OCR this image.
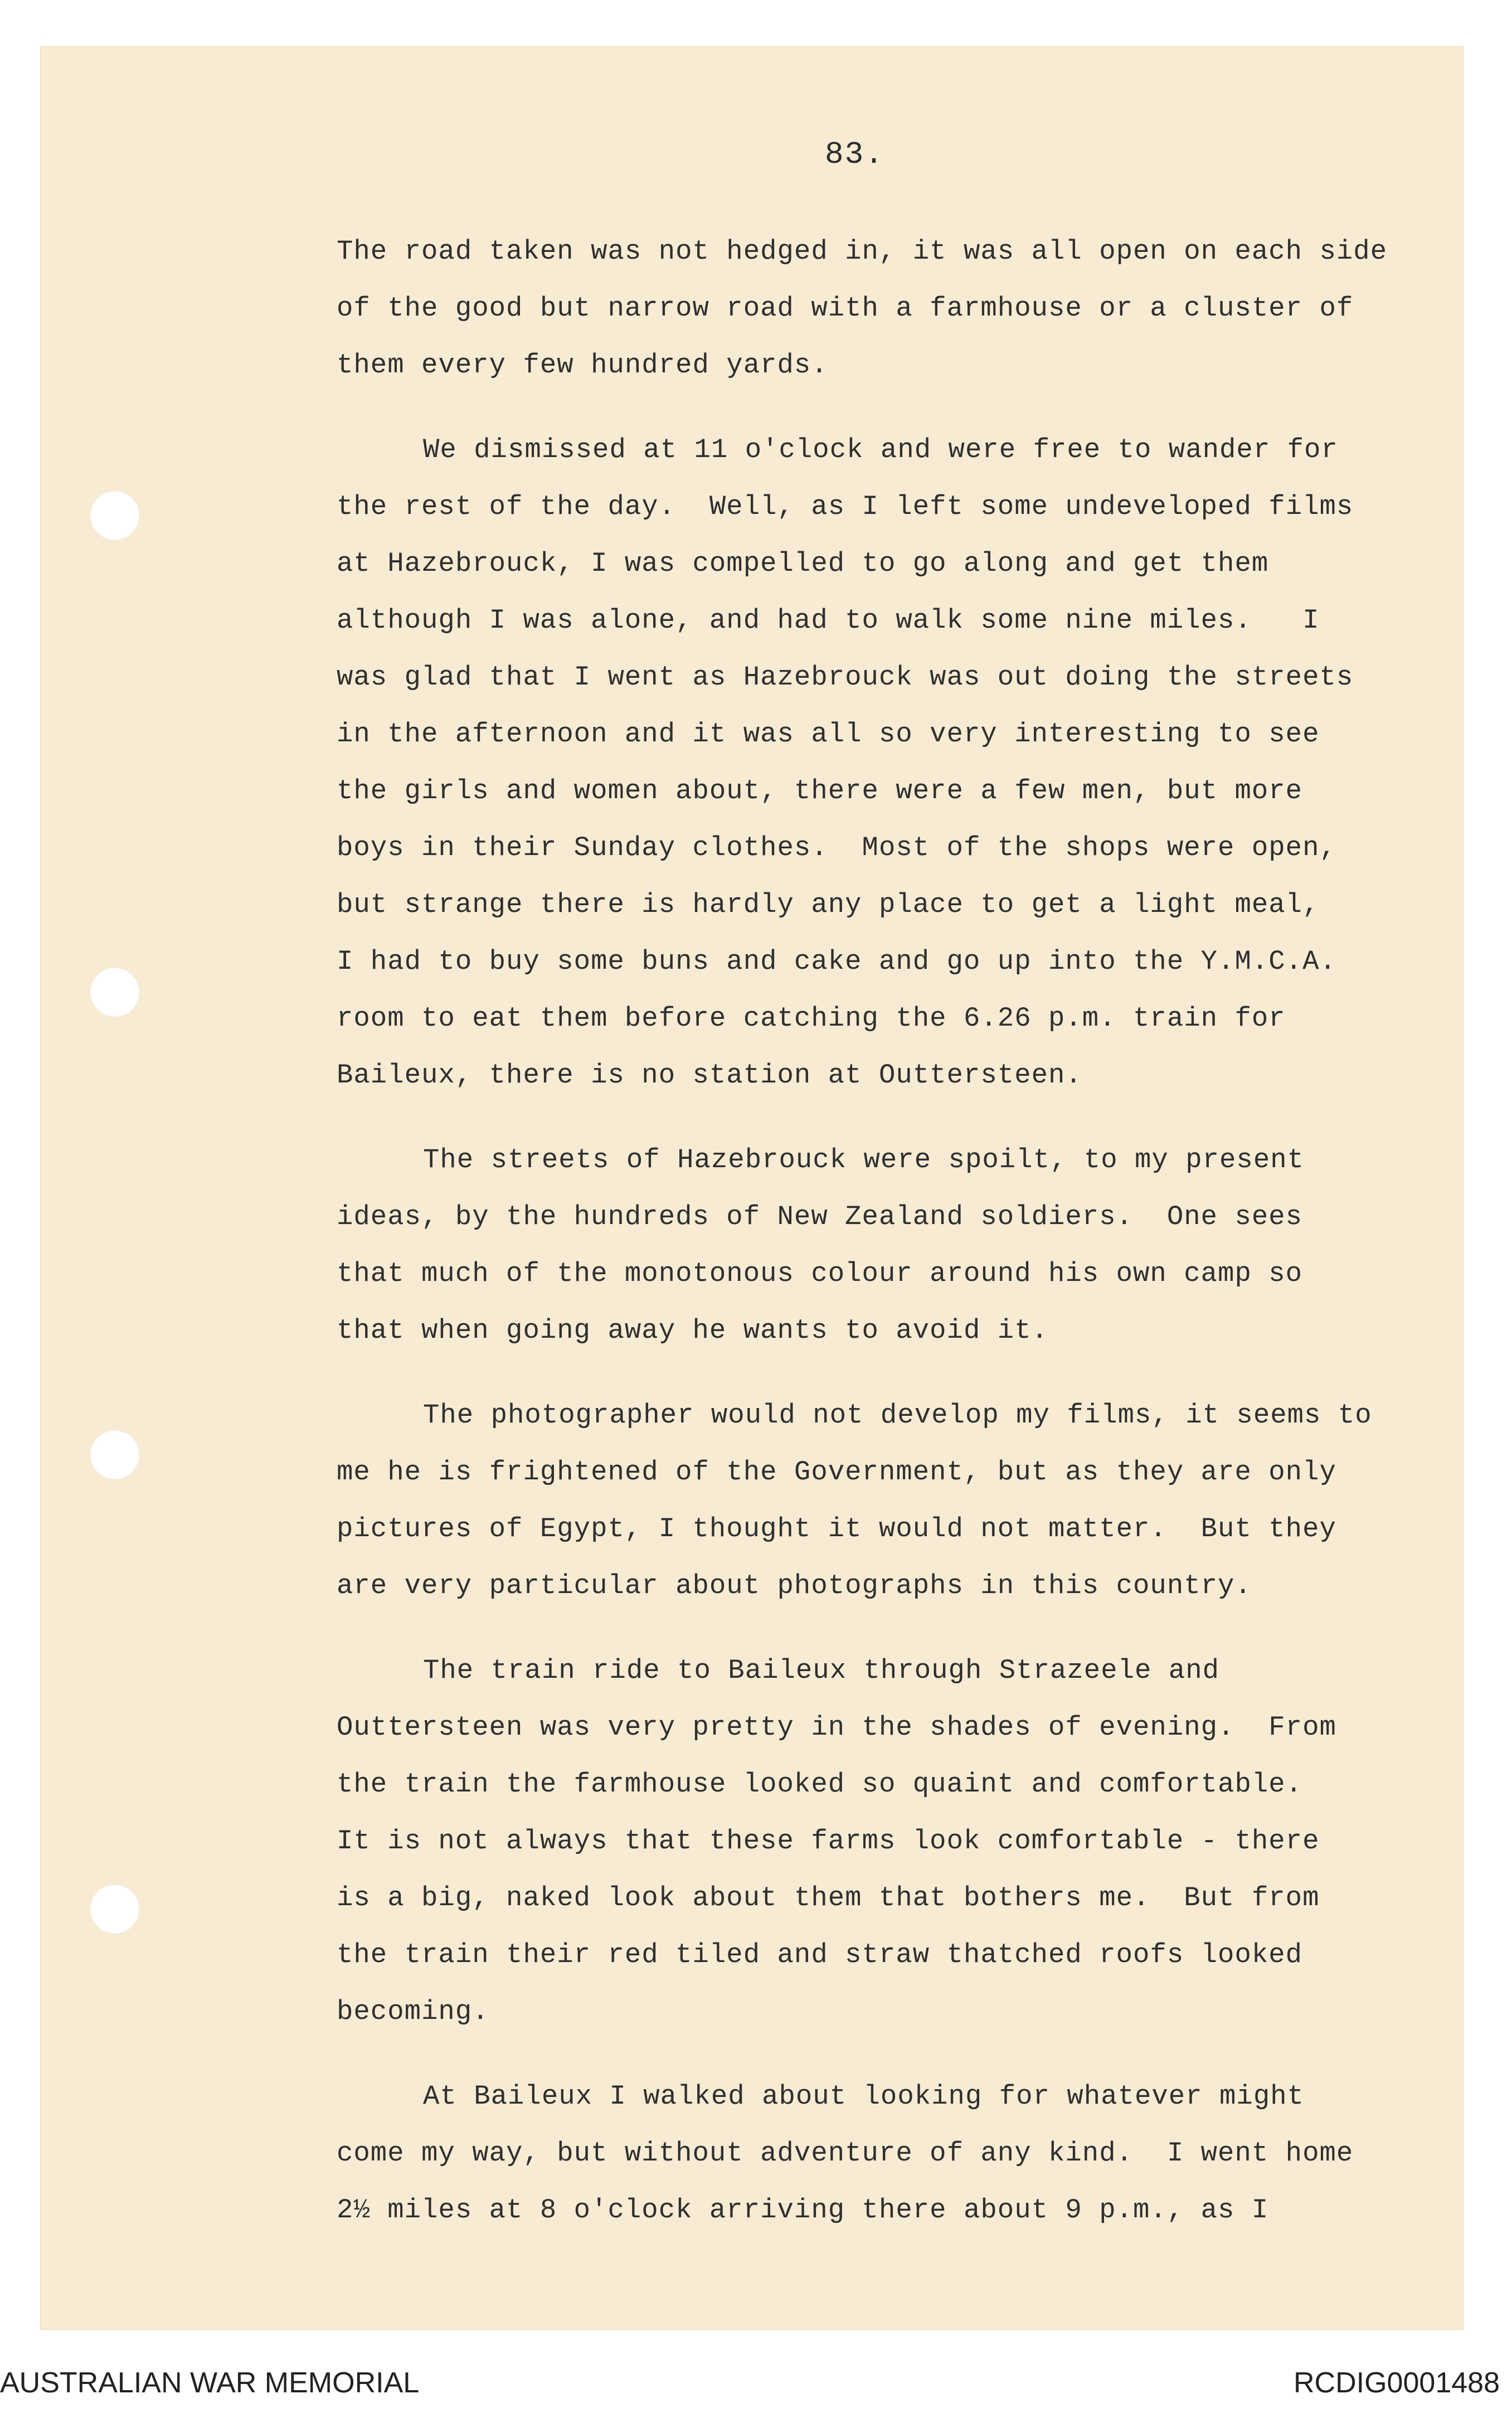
83.

The road taken was not hedged in, it was all open on each side
of the good but narrow road with a farmhouse or a cluster of
them every few hundred yards.

We dismissed at 11 o'clock and were free to wander for
the rest of the day.  Well, as I left some undeveloped films
at Hazebrouck, I was compelled to go along and get them
although I was alone, and had to walk some nine miles.   I
was glad that I went as Hazebrouck was out doing the streets
in the afternoon and it was all so very interesting to see
the girls and women about, there were a few men, but more
boys in their Sunday clothes.  Most of the shops were open,
but strange there is hardly any place to get a light meal,
I had to buy some buns and cake and go up into the Y.M.C.A.
room to eat them before catching the 6.26 p.m. train for
Baileux, there is no station at Outtersteen.

The streets of Hazebrouck were spoilt, to my present
ideas, by the hundreds of New Zealand soldiers.  One sees
that much of the monotonous colour around his own camp so
that when going away he wants to avoid it.

The photographer would not develop my films, it seems to
me he is frightened of the Government, but as they are only
pictures of Egypt, I thought it would not matter.  But they
are very particular about photographs in this country.

The train ride to Baileux through Strazeele and
Outtersteen was very pretty in the shades of evening.  From
the train the farmhouse looked so quaint and comfortable.
It is not always that these farms look comfortable - there
is a big, naked look about them that bothers me.  But from
the train their red tiled and straw thatched roofs looked
becoming.

At Baileux I walked about looking for whatever might
come my way, but without adventure of any kind.  I went home
2½ miles at 8 o'clock arriving there about 9 p.m., as I

AUSTRALIAN WAR MEMORIAL	RCDIG0001488
